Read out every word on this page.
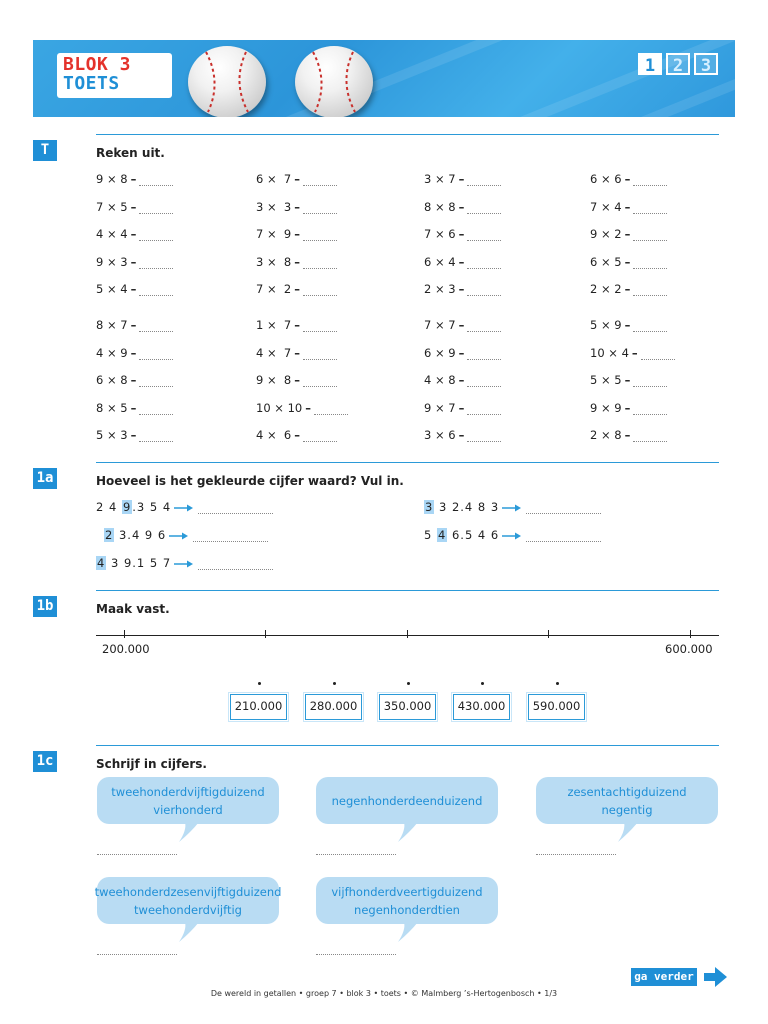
BLOK 3
TOETS
1	2	3
T	Reken uit.
9 × 8 –	6 ×  7 –	3 × 7 –	6 × 6 –
7 × 5 –	3 ×  3 –	8 × 8 –	7 × 4 –
4 × 4 –	7 ×  9 –	7 × 6 –	9 × 2 –
9 × 3 –	3 ×  8 –	6 × 4 –	6 × 5 –
5 × 4 –	7 ×  2 –	2 × 3 –	2 × 2 –
8 × 7 –	1 ×  7 –	7 × 7 –	5 × 9 –
4 × 9 –	4 ×  7 –	6 × 9 –	10 × 4 –
6 × 8 –	9 ×  8 –	4 × 8 –	5 × 5 –
8 × 5 –	10 × 10 –	9 × 7 –	9 × 9 –
5 × 3 –	4 ×  6 –	3 × 6 –	2 × 8 –
1a	Hoeveel is het gekleurde cijfer waard? Vul in.
2 4 9.3 5 4	3 3 2.4 8 3
2 3.4 9 6	5 4 6.5 4 6
4 3 9.1 5 7
1b	Maak vast.
200.000	600.000
210.000	280.000	350.000	430.000	590.000
1c	Schrijf in cijfers.
tweehonderdvijftigduizend
vierhonderd
negenhonderdeenduizend
zesentachtigduizend
negentig
tweehonderdzesenvijftigduizend
tweehonderdvijftig
vijfhonderdveertigduizend
negenhonderdtien
ga verder
De wereld in getallen • groep 7 • blok 3 • toets • © Malmberg ’s-Hertogenbosch • 1/3
